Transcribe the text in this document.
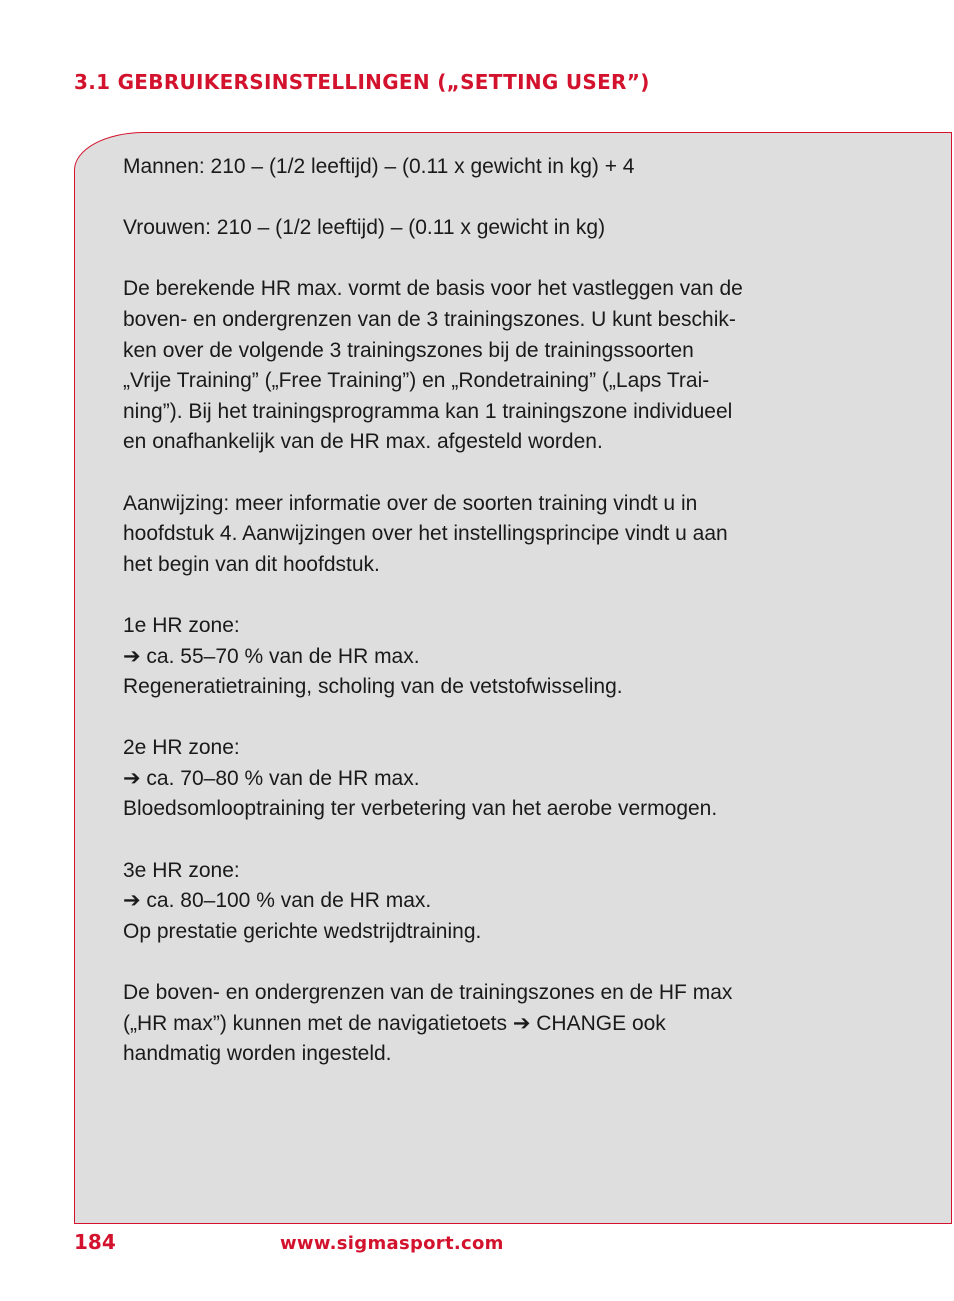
3.1 GEBRUIKERSINSTELLINGEN („SETTING USER”)

Mannen: 210 – (1/2 leeftijd) – (0.11 x gewicht in kg) + 4

Vrouwen: 210 – (1/2 leeftijd) – (0.11 x gewicht in kg)

De berekende HR max. vormt de basis voor het vastleggen van de
boven- en ondergrenzen van de 3 trainingszones. U kunt beschik-
ken over de volgende 3 trainingszones bij de trainingssoorten
„Vrije Training” („Free Training”) en „Rondetraining” („Laps Trai-
ning”). Bij het trainingsprogramma kan 1 trainingszone individueel
en onafhankelijk van de HR max. afgesteld worden.

Aanwijzing: meer informatie over de soorten training vindt u in
hoofdstuk 4. Aanwijzingen over het instellingsprincipe vindt u aan
het begin van dit hoofdstuk.

1e HR zone:
➔ ca. 55–70 % van de HR max.
Regeneratietraining, scholing van de vetstofwisseling.

2e HR zone:
➔ ca. 70–80 % van de HR max.
Bloedsomlooptraining ter verbetering van het aerobe vermogen.

3e HR zone:
➔ ca. 80–100 % van de HR max.
Op prestatie gerichte wedstrijdtraining.

De boven- en ondergrenzen van de trainingszones en de HF max
(„HR max”) kunnen met de navigatietoets ➔ CHANGE ook
handmatig worden ingesteld.

184	www.sigmasport.com
